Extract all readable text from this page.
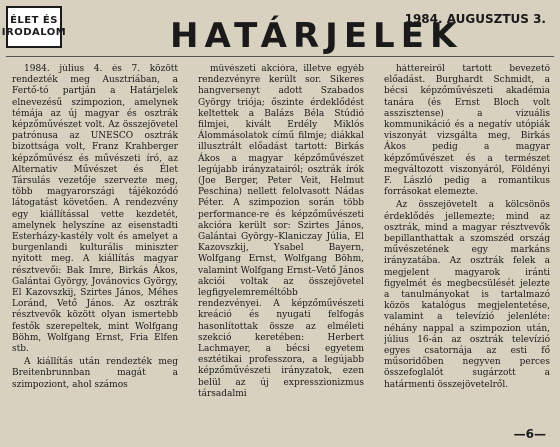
ÉLET ÉS
IRODALOM	HATÁRJELEK

1984. AUGUSZTUS 3.

1984. július 4. és 7. között rendezték meg Ausztriában, a Fertő-tó partján a Határjelek elnevezésű szimpozion, amelynek témája az új magyar és osztrák képzőművészet volt. Az összejövetel patrónusa az UNESCO osztrák bizottsága volt, Franz Krahberger képzőművész és művészeti író, az Alternativ Művészet és Élet Társulás vezetője szervezte meg, több magyarországi tájékozódó látogatást követően. A rendezvény egy kiállítással vette kezdetét, amelynek helyszíne az eisenstadti Esterházy-kastély volt és amelyet a burgenlandi kulturális miniszter nyitott meg. A kiállítás magyar résztvevői: Bak Imre, Birkás Ákos, Galántai György, Jovánovics György, El Kazovszkij, Szirtes János, Méhes Loránd, Vető János. Az osztrák résztvevők között olyan ismertebb festők szerepeltek, mint Wolfgang Böhm, Wolfgang Ernst, Fria Elfen stb.

A kiállítás után rendezték meg Breitenbrunnban magát a szimpoziont, ahol számos

művészeti akcióra, illetve egyéb rendezvényre került sor. Sikeres hangversenyt adott Szabados György triója; őszinte érdeklődést keltettek a Balázs Béla Stúdió filmjei, kivált Erdély Miklós Álommásolatok című filmje; diákkal illusztrált előadást tartott: Birkás Ákos a magyar képzőművészet legújabb irányzatairól; osztrák írók (Joe Berger, Peter Veit, Helmut Peschina) nellett felolvasott Nádas Péter. A szimpozion során több performance-re és képzőművészeti akcióra került sor: Szirtes János, Galántai György–Klaniczay Júlia, El Kazovszkij, Ysabel Bayern, Wolfgang Ernst, Wolfgang Böhm, valamint Wolfgang Ernst–Vető János akciói voltak az összejövetel legfigyelemreméltóbb rendezvényei. A képzőművészeti kreáció és nyugati felfogás hasonlítottak össze az elméleti szekció keretében: Herbert Lachmayer, a bécsi egyetem esztétikai professzora, a legújabb képzőművészeti irányzatok, ezen belül az új expresszionizmus társadalmi

háttereiről tartott bevezető előadást. Burghardt Schmidt, a bécsi képzőművészeti akadémia tanára (és Ernst Bloch volt asszisztense) a vizuális kommunikáció és a negatív utópiák viszonyát vizsgálta meg, Birkás Ákos pedig a magyar képzőművészet és a természet megváltozott viszonyáról, Földényi F. László pedig a romantikus forrásokat elemezte.

Az összejövetelt a kölcsönös érdeklődés jellemezte; mind az osztrák, mind a magyar résztvevők bepillanthattak a szomszéd ország művészetének egy markáns irányzatába. Az osztrák felek a megjelent magyarok iránti figyelmét és megbecsülését jelezte a tanulmányokat is tartalmazó közös katalógus megjelentetése, valamint a televízió jelenléte: néhány nappal a szimpozion után, július 16-án az osztrák televízió egyes csatornája az esti fő műsoridőben negyven perces összefoglalót sugárzott a határmenti összejövetelről.

— 6 —
